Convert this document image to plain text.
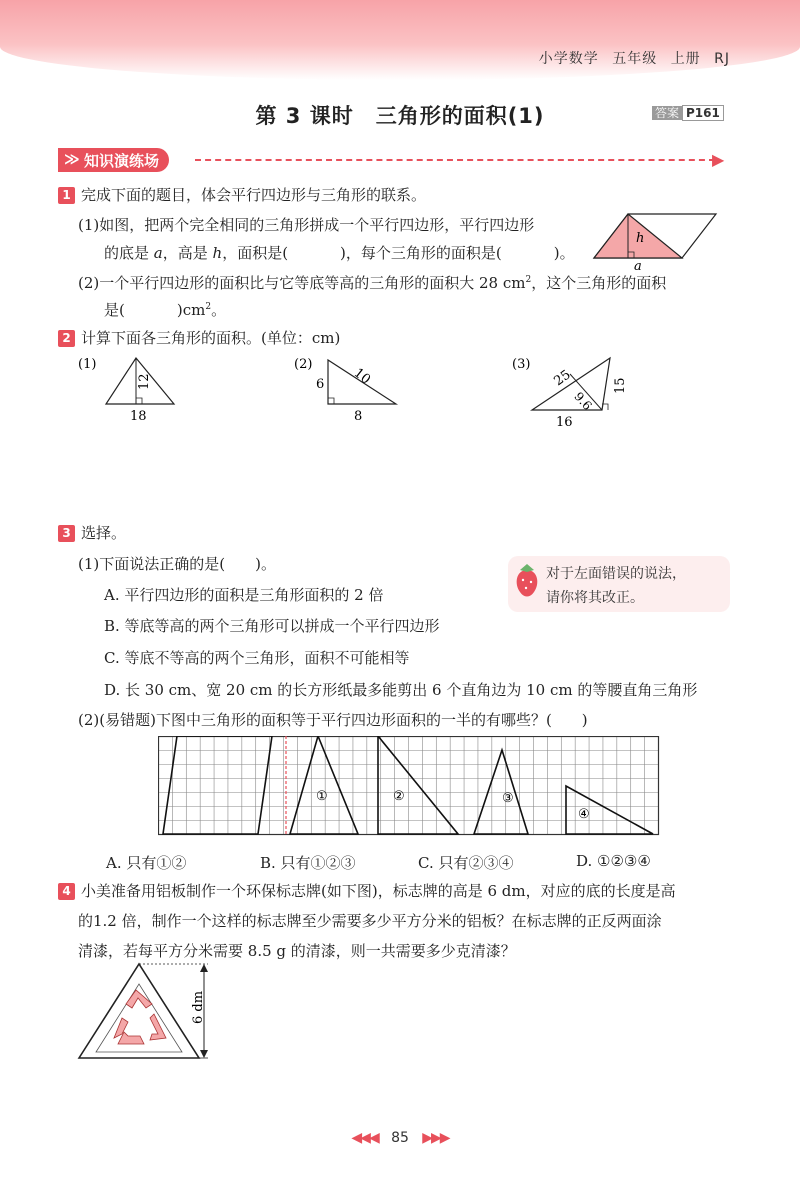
小学数学 五年级 上册 RJ
第 3 课时　三角形的面积(1)	答案 P161
≫ 知识演练场	▶
1 完成下面的题目，体会平行四边形与三角形的联系。
(1)如图，把两个完全相同的三角形拼成一个平行四边形，平行四边形
的底是 a，高是 h，面积是(	)，每个三角形的面积是(	)。
(2)一个平行四边形的面积比与它等底等高的三角形的面积大 28 $cm^2$，这个三角形的面积
是(	)$cm^2$。
h
a
2 计算下面各三角形的面积。(单位：cm)
(1)
12
18
(2)
6 10
8
(3)
25
9.6
15
16
3 选择。
(1)下面说法正确的是(　　)。
A. 平行四边形的面积是三角形面积的 2 倍
B. 等底等高的两个三角形可以拼成一个平行四边形
C. 等底不等高的两个三角形，面积不可能相等
D. 长 30 cm、宽 20 cm 的长方形纸最多能剪出 6 个直角边为 10 cm 的等腰直角三角形
对于左面错误的说法，
请你将其改正。
(2)(易错题)下图中三角形的面积等于平行四边形面积的一半的有哪些？(　　)
①	②	③
④
A. 只有①②	B. 只有①②③	C. 只有②③④	D. ①②③④
4 小美准备用铝板制作一个环保标志牌(如下图)，标志牌的高是 6 dm，对应的底的长度是高
的1.2 倍，制作一个这样的标志牌至少需要多少平方分米的铝板？在标志牌的正反两面涂
清漆，若每平方分米需要 8.5 g 的清漆，则一共需要多少克清漆？
6 dm
◀◀◀ 85 ▶▶▶
